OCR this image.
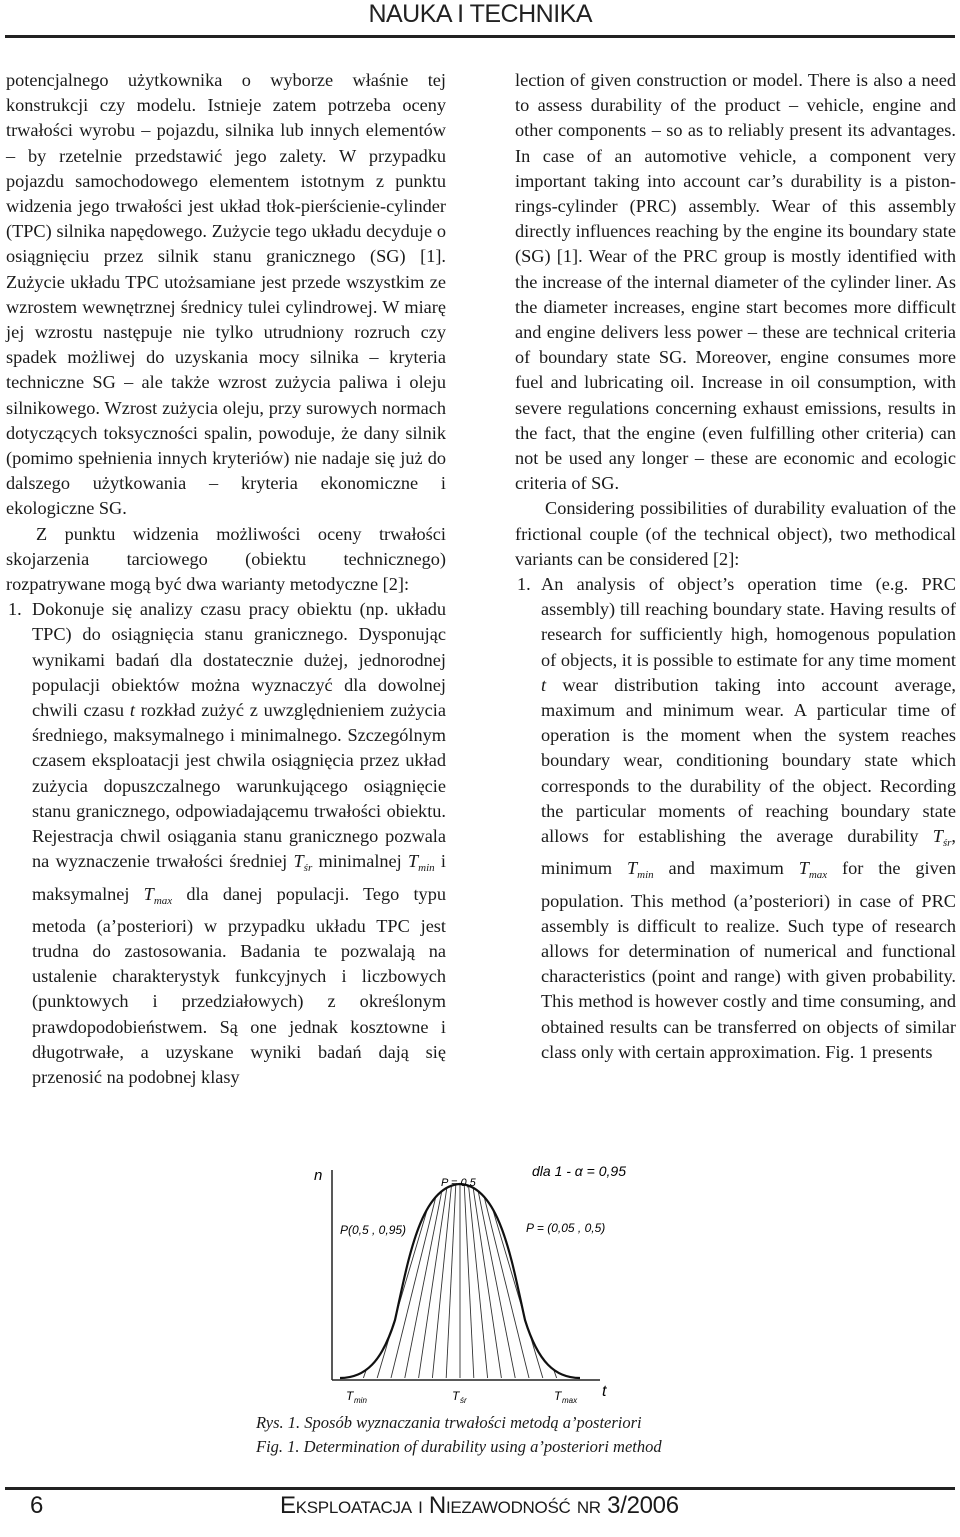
NAUKA I TECHNIKA

potencjalnego użytkownika o wyborze właśnie tej konstrukcji czy modelu. Istnieje zatem potrzeba oceny trwałości wyrobu – pojazdu, silnika lub innych elementów – by rzetelnie przedstawić jego zalety. W przypadku pojazdu samochodowego elementem istotnym z punktu widzenia jego trwałości jest układ tłok-pierścienie-cylinder (TPC) silnika napędowego. Zużycie tego układu decyduje o osiągnięciu przez silnik stanu granicznego (SG) [1]. Zużycie układu TPC utożsamiane jest przede wszystkim ze wzrostem wewnętrznej średnicy tulei cylindrowej. W miarę jej wzrostu następuje nie tylko utrudniony rozruch czy spadek możliwej do uzyskania mocy silnika – kryteria techniczne SG – ale także wzrost zużycia paliwa i oleju silnikowego. Wzrost zużycia oleju, przy surowych normach dotyczących toksyczności spalin, powoduje, że dany silnik (pomimo spełnienia innych kryteriów) nie nadaje się już do dalszego użytkowania – kryteria ekonomiczne i ekologiczne SG.

Z punktu widzenia możliwości oceny trwałości skojarzenia tarciowego (obiektu technicznego) rozpatrywane mogą być dwa warianty metodyczne [2]:

1. Dokonuje się analizy czasu pracy obiektu (np. układu TPC) do osiągnięcia stanu granicznego. Dysponując wynikami badań dla dostatecznie dużej, jednorodnej populacji obiektów można wyznaczyć dla dowolnej chwili czasu t rozkład zużyć z uwzględnieniem zużycia średniego, maksymalnego i minimalnego. Szczególnym czasem eksploatacji jest chwila osiągnięcia przez układ zużycia dopuszczalnego warunkującego osiągnięcie stanu granicznego, odpowiadającemu trwałości obiektu. Rejestracja chwil osiągania stanu granicznego pozwala na wyznaczenie trwałości średniej $T_{śr}$ minimalnej $T_{min}$ i maksymalnej $T_{max}$ dla danej populacji. Tego typu metoda (a’posteriori) w przypadku układu TPC jest trudna do zastosowania. Badania te pozwalają na ustalenie charakterystyk funkcyjnych i liczbowych (punktowych i przedziałowych) z określonym prawdopodobieństwem. Są one jednak kosztowne i długotrwałe, a uzyskane wyniki badań dają się przenosić na podobnej klasy

lection of given construction or model. There is also a need to assess durability of the product – vehicle, engine and other components – so as to reliably present its advantages. In case of an automotive vehicle, a component very important taking into account car’s durability is a piston-rings-cylinder (PRC) assembly. Wear of this assembly directly influences reaching by the engine its boundary state (SG) [1]. Wear of the PRC group is mostly identified with the increase of the internal diameter of the cylinder liner. As the diameter increases, engine start becomes more difficult and engine delivers less power – these are technical criteria of boundary state SG. Moreover, engine consumes more fuel and lubricating oil. Increase in oil consumption, with severe regulations concerning exhaust emissions, results in the fact, that the engine (even fulfilling other criteria) can not be used any longer – these are economic and ecologic criteria of SG.

Considering possibilities of durability evaluation of the frictional couple (of the technical object), two methodical variants can be considered [2]:

1. An analysis of object’s operation time (e.g. PRC assembly) till reaching boundary state. Having results of research for sufficiently high, homogenous population of objects, it is possible to estimate for any time moment t wear distribution taking into account average, maximum and minimum wear. A particular time of operation is the moment when the system reaches boundary wear, conditioning boundary state which corresponds to the durability of the object. Recording the particular moments of reaching boundary state allows for establishing the average durability $T_{śr}$, minimum $T_{min}$ and maximum $T_{max}$ for the given population. This method (a’posteriori) in case of PRC assembly is difficult to realize. Such type of research allows for determination of numerical and functional characteristics (point and range) with given probability. This method is however costly and time consuming, and obtained results can be transferred on objects of similar class only with certain approximation. Fig. 1 presents
n
t
P = 0,5
dla 1 - α = 0,95
P(0,5 , 0,95)	P = (0,05 , 0,5)
T min	T śr	T max
Rys. 1. Sposób wyznaczania trwałości metodą a’posteriori
Fig. 1. Determination of durability using a’posteriori method
6	Eksploatacja i Niezawodność nr 3/2006
